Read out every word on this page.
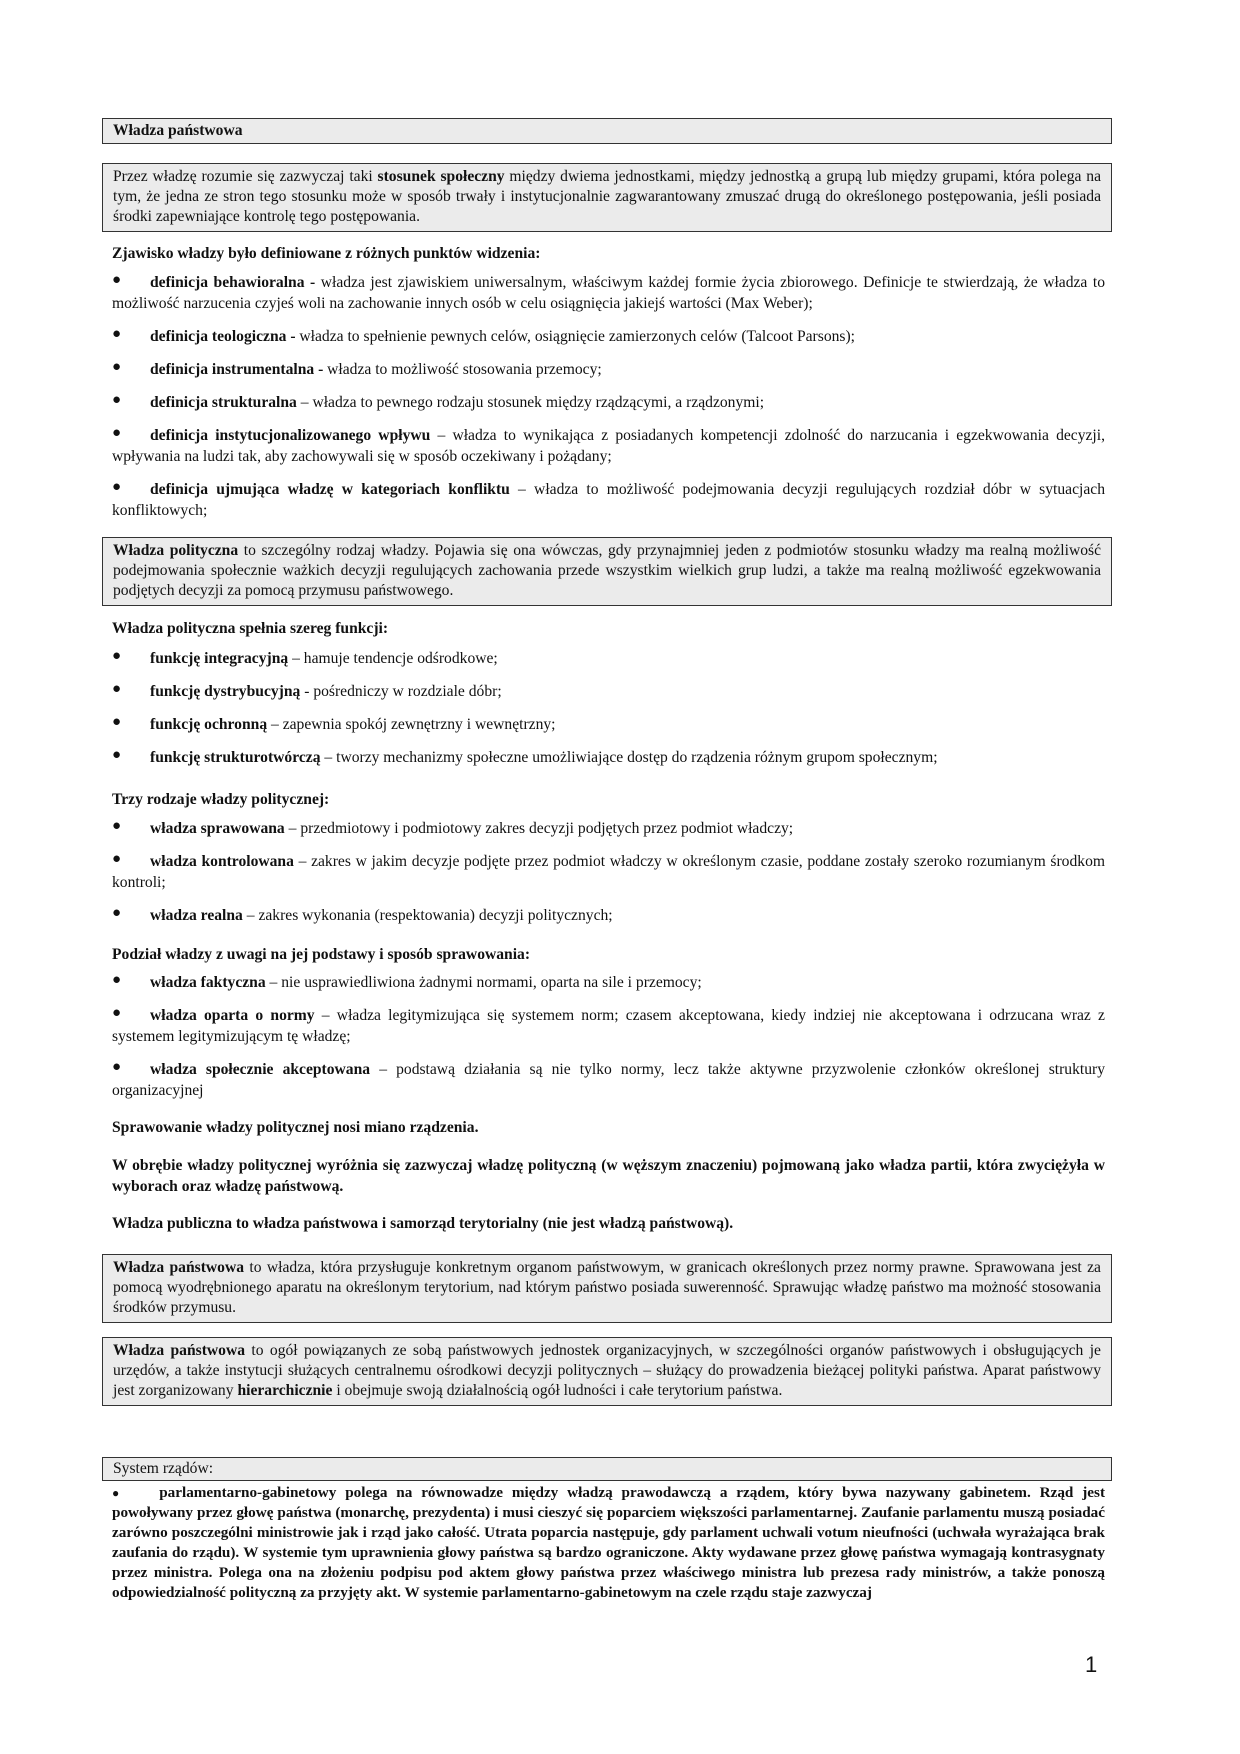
Władza państwowa
Przez władzę rozumie się zazwyczaj taki stosunek społeczny między dwiema jednostkami, między jednostką a grupą lub między grupami, która polega na tym, że jedna ze stron tego stosunku może w sposób trwały i instytucjonalnie zagwarantowany zmuszać drugą do określonego postępowania, jeśli posiada środki zapewniające kontrolę tego postępowania.
Zjawisko władzy było definiowane z różnych punktów widzenia:
●	definicja behawioralna - władza jest zjawiskiem uniwersalnym, właściwym każdej formie życia zbiorowego. Definicje te stwierdzają, że władza to możliwość narzucenia czyjeś woli na zachowanie innych osób w celu osiągnięcia jakiejś wartości (Max Weber);
●	definicja teologiczna - władza to spełnienie pewnych celów, osiągnięcie zamierzonych celów (Talcoot Parsons);
●	definicja instrumentalna - władza to możliwość stosowania przemocy;
●	definicja strukturalna – władza to pewnego rodzaju stosunek między rządzącymi, a rządzonymi;
●	definicja instytucjonalizowanego wpływu – władza to wynikająca z posiadanych kompetencji zdolność do narzucania i egzekwowania decyzji, wpływania na ludzi tak, aby zachowywali się w sposób oczekiwany i pożądany;
●	definicja ujmująca władzę w kategoriach konfliktu – władza to możliwość podejmowania decyzji regulujących rozdział dóbr w sytuacjach konfliktowych;
Władza polityczna to szczególny rodzaj władzy. Pojawia się ona wówczas, gdy przynajmniej jeden z podmiotów stosunku władzy ma realną możliwość podejmowania społecznie ważkich decyzji regulujących zachowania przede wszystkim wielkich grup ludzi, a także ma realną możliwość egzekwowania podjętych decyzji za pomocą przymusu państwowego.
Władza polityczna spełnia szereg funkcji:
●	funkcję integracyjną – hamuje tendencje odśrodkowe;
●	funkcję dystrybucyjną - pośredniczy w rozdziale dóbr;
●	funkcję ochronną – zapewnia spokój zewnętrzny i wewnętrzny;
●	funkcję strukturotwórczą – tworzy mechanizmy społeczne umożliwiające dostęp do rządzenia różnym grupom społecznym;
Trzy rodzaje władzy politycznej:
●	władza sprawowana – przedmiotowy i podmiotowy zakres decyzji podjętych przez podmiot władczy;
●	władza kontrolowana – zakres w jakim decyzje podjęte przez podmiot władczy w określonym czasie, poddane zostały szeroko rozumianym środkom kontroli;
●	władza realna – zakres wykonania (respektowania) decyzji politycznych;
Podział władzy z uwagi na jej podstawy i sposób sprawowania:
●	władza faktyczna – nie usprawiedliwiona żadnymi normami, oparta na sile i przemocy;
●	władza oparta o normy – władza legitymizująca się systemem norm; czasem akceptowana, kiedy indziej nie akceptowana i odrzucana wraz z systemem legitymizującym tę władzę;
●	władza społecznie akceptowana – podstawą działania są nie tylko normy, lecz także aktywne przyzwolenie członków określonej struktury organizacyjnej
Sprawowanie władzy politycznej nosi miano rządzenia.
W obrębie władzy politycznej wyróżnia się zazwyczaj władzę polityczną (w węższym znaczeniu) pojmowaną jako władza partii, która zwyciężyła w wyborach oraz władzę państwową.
Władza publiczna to władza państwowa i samorząd terytorialny (nie jest władzą państwową).
Władza państwowa to władza, która przysługuje konkretnym organom państwowym, w granicach określonych przez normy prawne. Sprawowana jest za pomocą wyodrębnionego aparatu na określonym terytorium, nad którym państwo posiada suwerenność. Sprawując władzę państwo ma możność stosowania środków przymusu.
Władza państwowa to ogół powiązanych ze sobą państwowych jednostek organizacyjnych, w szczególności organów państwowych i obsługujących je urzędów, a także instytucji służących centralnemu ośrodkowi decyzji politycznych – służący do prowadzenia bieżącej polityki państwa. Aparat państwowy jest zorganizowany hierarchicznie i obejmuje swoją działalnością ogół ludności i całe terytorium państwa.
System rządów:
● parlamentarno-gabinetowy polega na równowadze między władzą prawodawczą a rządem, który bywa nazywany gabinetem. Rząd jest powoływany przez głowę państwa (monarchę, prezydenta) i musi cieszyć się poparciem większości parlamentarnej. Zaufanie parlamentu muszą posiadać zarówno poszczególni ministrowie jak i rząd jako całość. Utrata poparcia następuje, gdy parlament uchwali votum nieufności (uchwała wyrażająca brak zaufania do rządu). W systemie tym uprawnienia głowy państwa są bardzo ograniczone. Akty wydawane przez głowę państwa wymagają kontrasygnaty przez ministra. Polega ona na złożeniu podpisu pod aktem głowy państwa przez właściwego ministra lub prezesa rady ministrów, a także ponoszą odpowiedzialność polityczną za przyjęty akt. W systemie parlamentarno-gabinetowym na czele rządu staje zazwyczaj
1
